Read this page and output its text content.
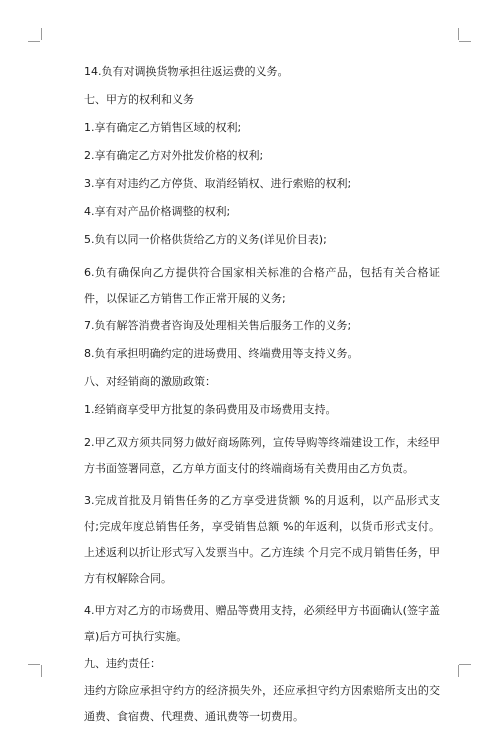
14.负有对调换货物承担往返运费的义务。

七、甲方的权利和义务

1.享有确定乙方销售区域的权利;

2.享有确定乙方对外批发价格的权利;

3.享有对违约乙方停货、取消经销权、进行索赔的权利;

4.享有对产品价格调整的权利;

5.负有以同一价格供货给乙方的义务(详见价目表);

6.负有确保向乙方提供符合国家相关标准的合格产品，包括有关合格证件，以保证乙方销售工作正常开展的义务;

7.负有解答消费者咨询及处理相关售后服务工作的义务;

8.负有承担明确约定的进场费用、终端费用等支持义务。

八、对经销商的激励政策：

1.经销商享受甲方批复的条码费用及市场费用支持。

2.甲乙双方须共同努力做好商场陈列，宣传导购等终端建设工作，未经甲方书面签署同意，乙方单方面支付的终端商场有关费用由乙方负责。

3.完成首批及月销售任务的乙方享受进货额 %的月返利，以产品形式支付;完成年度总销售任务，享受销售总额 %的年返利，以货币形式支付。上述返利以折让形式写入发票当中。乙方连续 个月完不成月销售任务，甲方有权解除合同。

4.甲方对乙方的市场费用、赠品等费用支持，必须经甲方书面确认(签字盖章)后方可执行实施。

九、违约责任：

违约方除应承担守约方的经济损失外，还应承担守约方因索赔所支出的交通费、食宿费、代理费、通讯费等一切费用。
